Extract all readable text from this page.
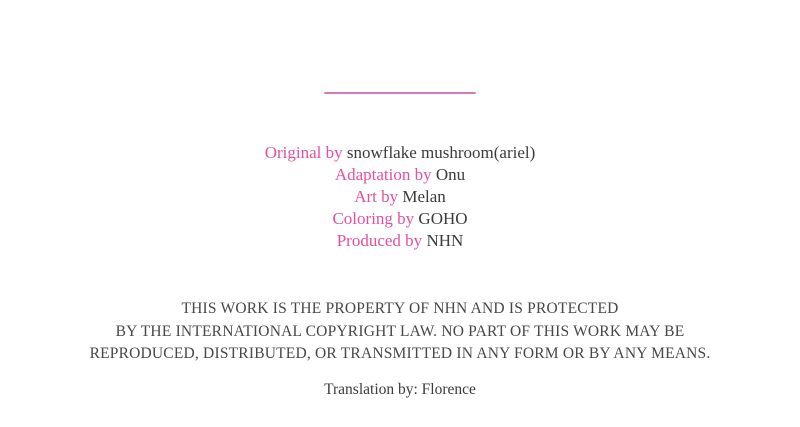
Original by snowflake mushroom(ariel)
Adaptation by Onu
Art by Melan
Coloring by GOHO
Produced by NHN
THIS WORK IS THE PROPERTY OF NHN AND IS PROTECTED
BY THE INTERNATIONAL COPYRIGHT LAW. NO PART OF THIS WORK MAY BE
REPRODUCED, DISTRIBUTED, OR TRANSMITTED IN ANY FORM OR BY ANY MEANS.
Translation by: Florence
